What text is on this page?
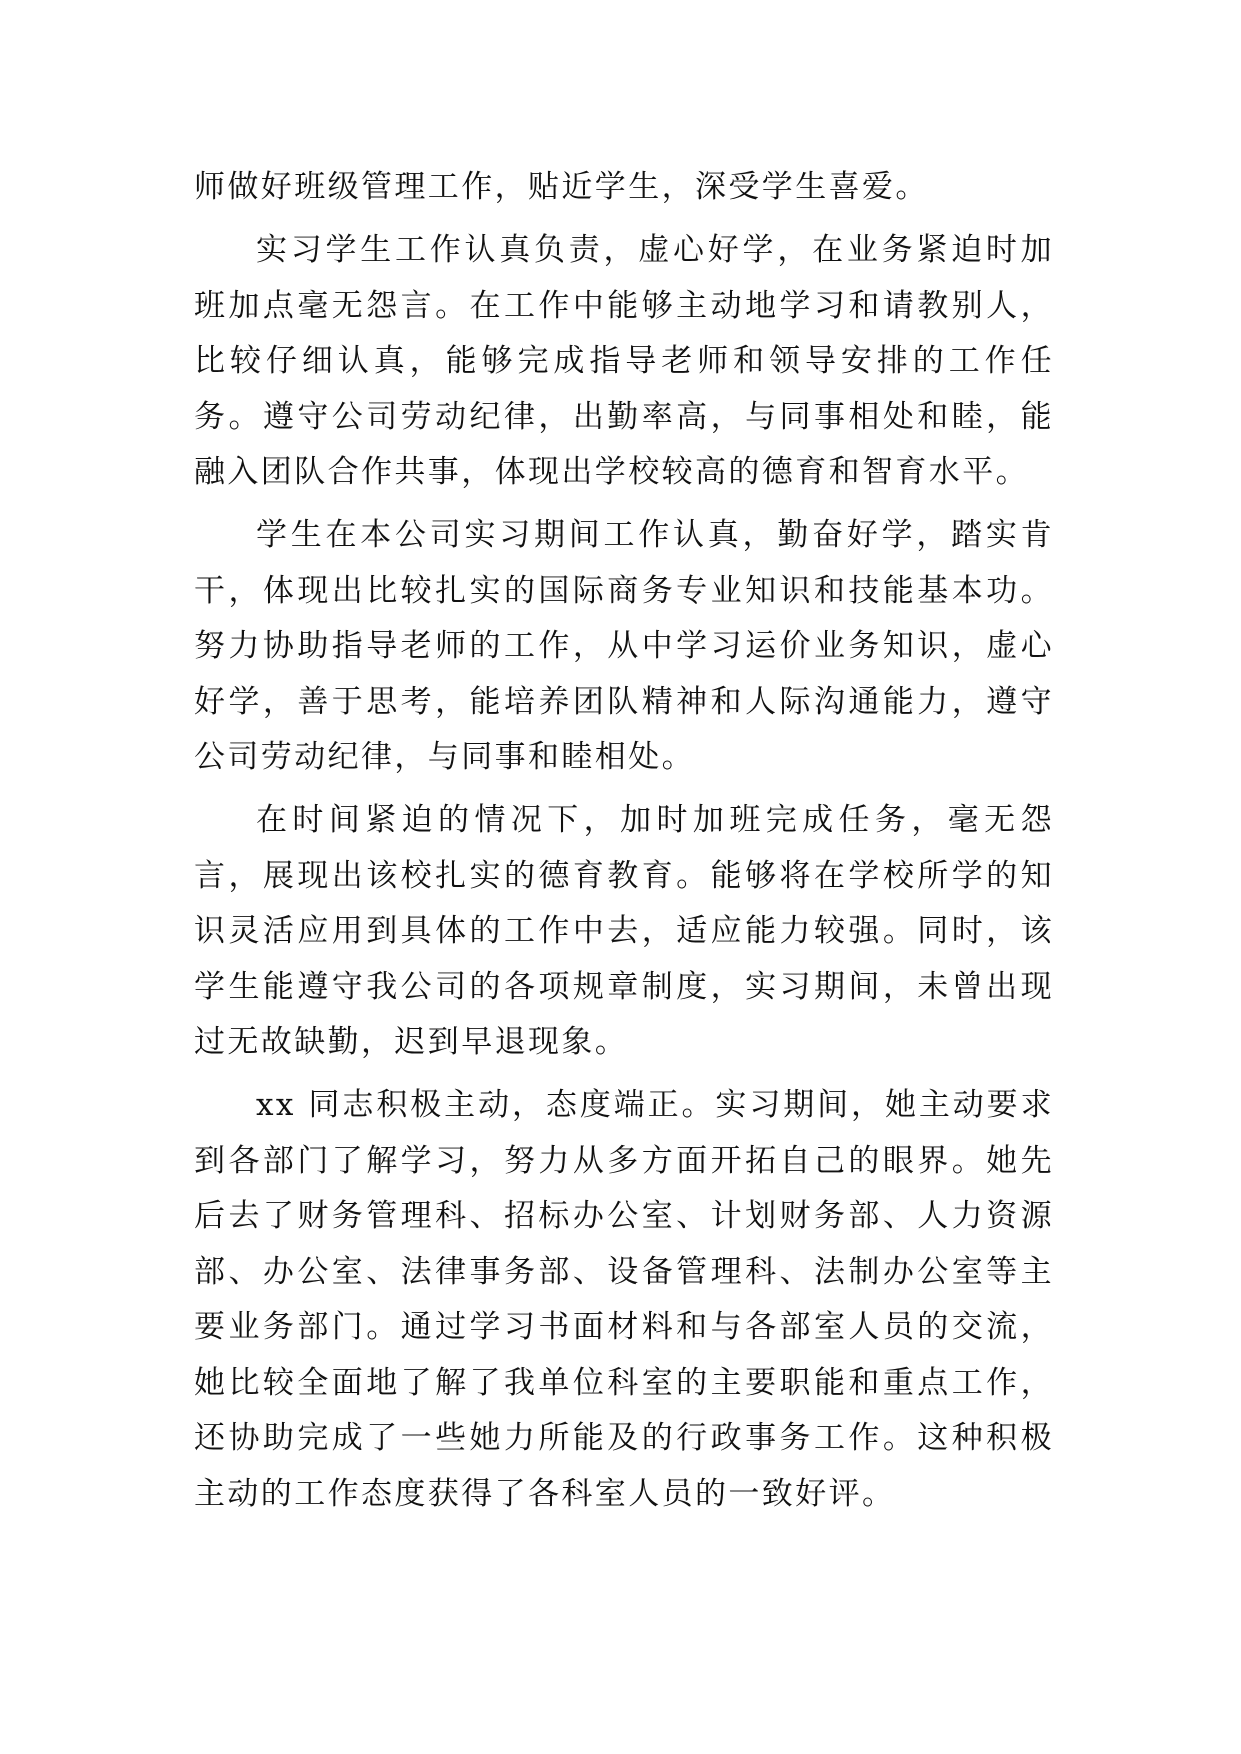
师做好班级管理工作，贴近学生，深受学生喜爱。

实习学生工作认真负责，虚心好学，在业务紧迫时加班加点毫无怨言。在工作中能够主动地学习和请教别人，比较仔细认真，能够完成指导老师和领导安排的工作任务。遵守公司劳动纪律，出勤率高，与同事相处和睦，能融入团队合作共事，体现出学校较高的德育和智育水平。

学生在本公司实习期间工作认真，勤奋好学，踏实肯干，体现出比较扎实的国际商务专业知识和技能基本功。努力协助指导老师的工作，从中学习运价业务知识，虚心好学，善于思考，能培养团队精神和人际沟通能力，遵守公司劳动纪律，与同事和睦相处。

在时间紧迫的情况下，加时加班完成任务，毫无怨言，展现出该校扎实的德育教育。能够将在学校所学的知识灵活应用到具体的工作中去，适应能力较强。同时，该学生能遵守我公司的各项规章制度，实习期间，未曾出现过无故缺勤，迟到早退现象。

xx 同志积极主动，态度端正。实习期间，她主动要求到各部门了解学习，努力从多方面开拓自己的眼界。她先后去了财务管理科、招标办公室、计划财务部、人力资源部、办公室、法律事务部、设备管理科、法制办公室等主要业务部门。通过学习书面材料和与各部室人员的交流，她比较全面地了解了我单位科室的主要职能和重点工作，还协助完成了一些她力所能及的行政事务工作。这种积极主动的工作态度获得了各科室人员的一致好评。
